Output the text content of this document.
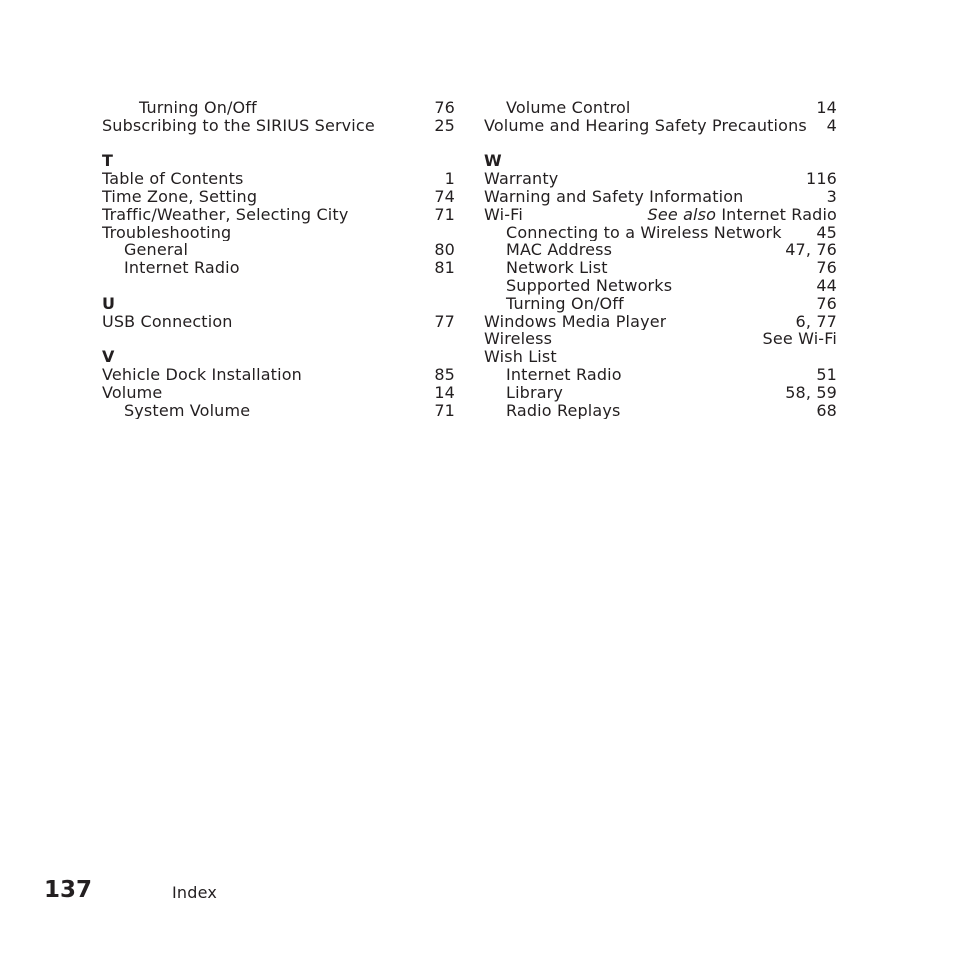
Turning On/Off	76
Subscribing to the SIRIUS Service	25
T
Table of Contents	1
Time Zone, Setting	74
Traffic/Weather, Selecting City	71
Troubleshooting
General	80
Internet Radio	81
U
USB Connection	77
V
Vehicle Dock Installation	85
Volume	14
System Volume	71
Volume Control	14
Volume and Hearing Safety Precautions 4
W
Warranty	116
Warning and Safety Information	3
Wi-Fi	See also Internet Radio
Connecting to a Wireless Network 45
MAC Address	47, 76
Network List	76
Supported Networks	44
Turning On/Off	76
Windows Media Player	6, 77
Wireless	See Wi-Fi
Wish List
Internet Radio	51
Library	58, 59
Radio Replays	68
137	Index
